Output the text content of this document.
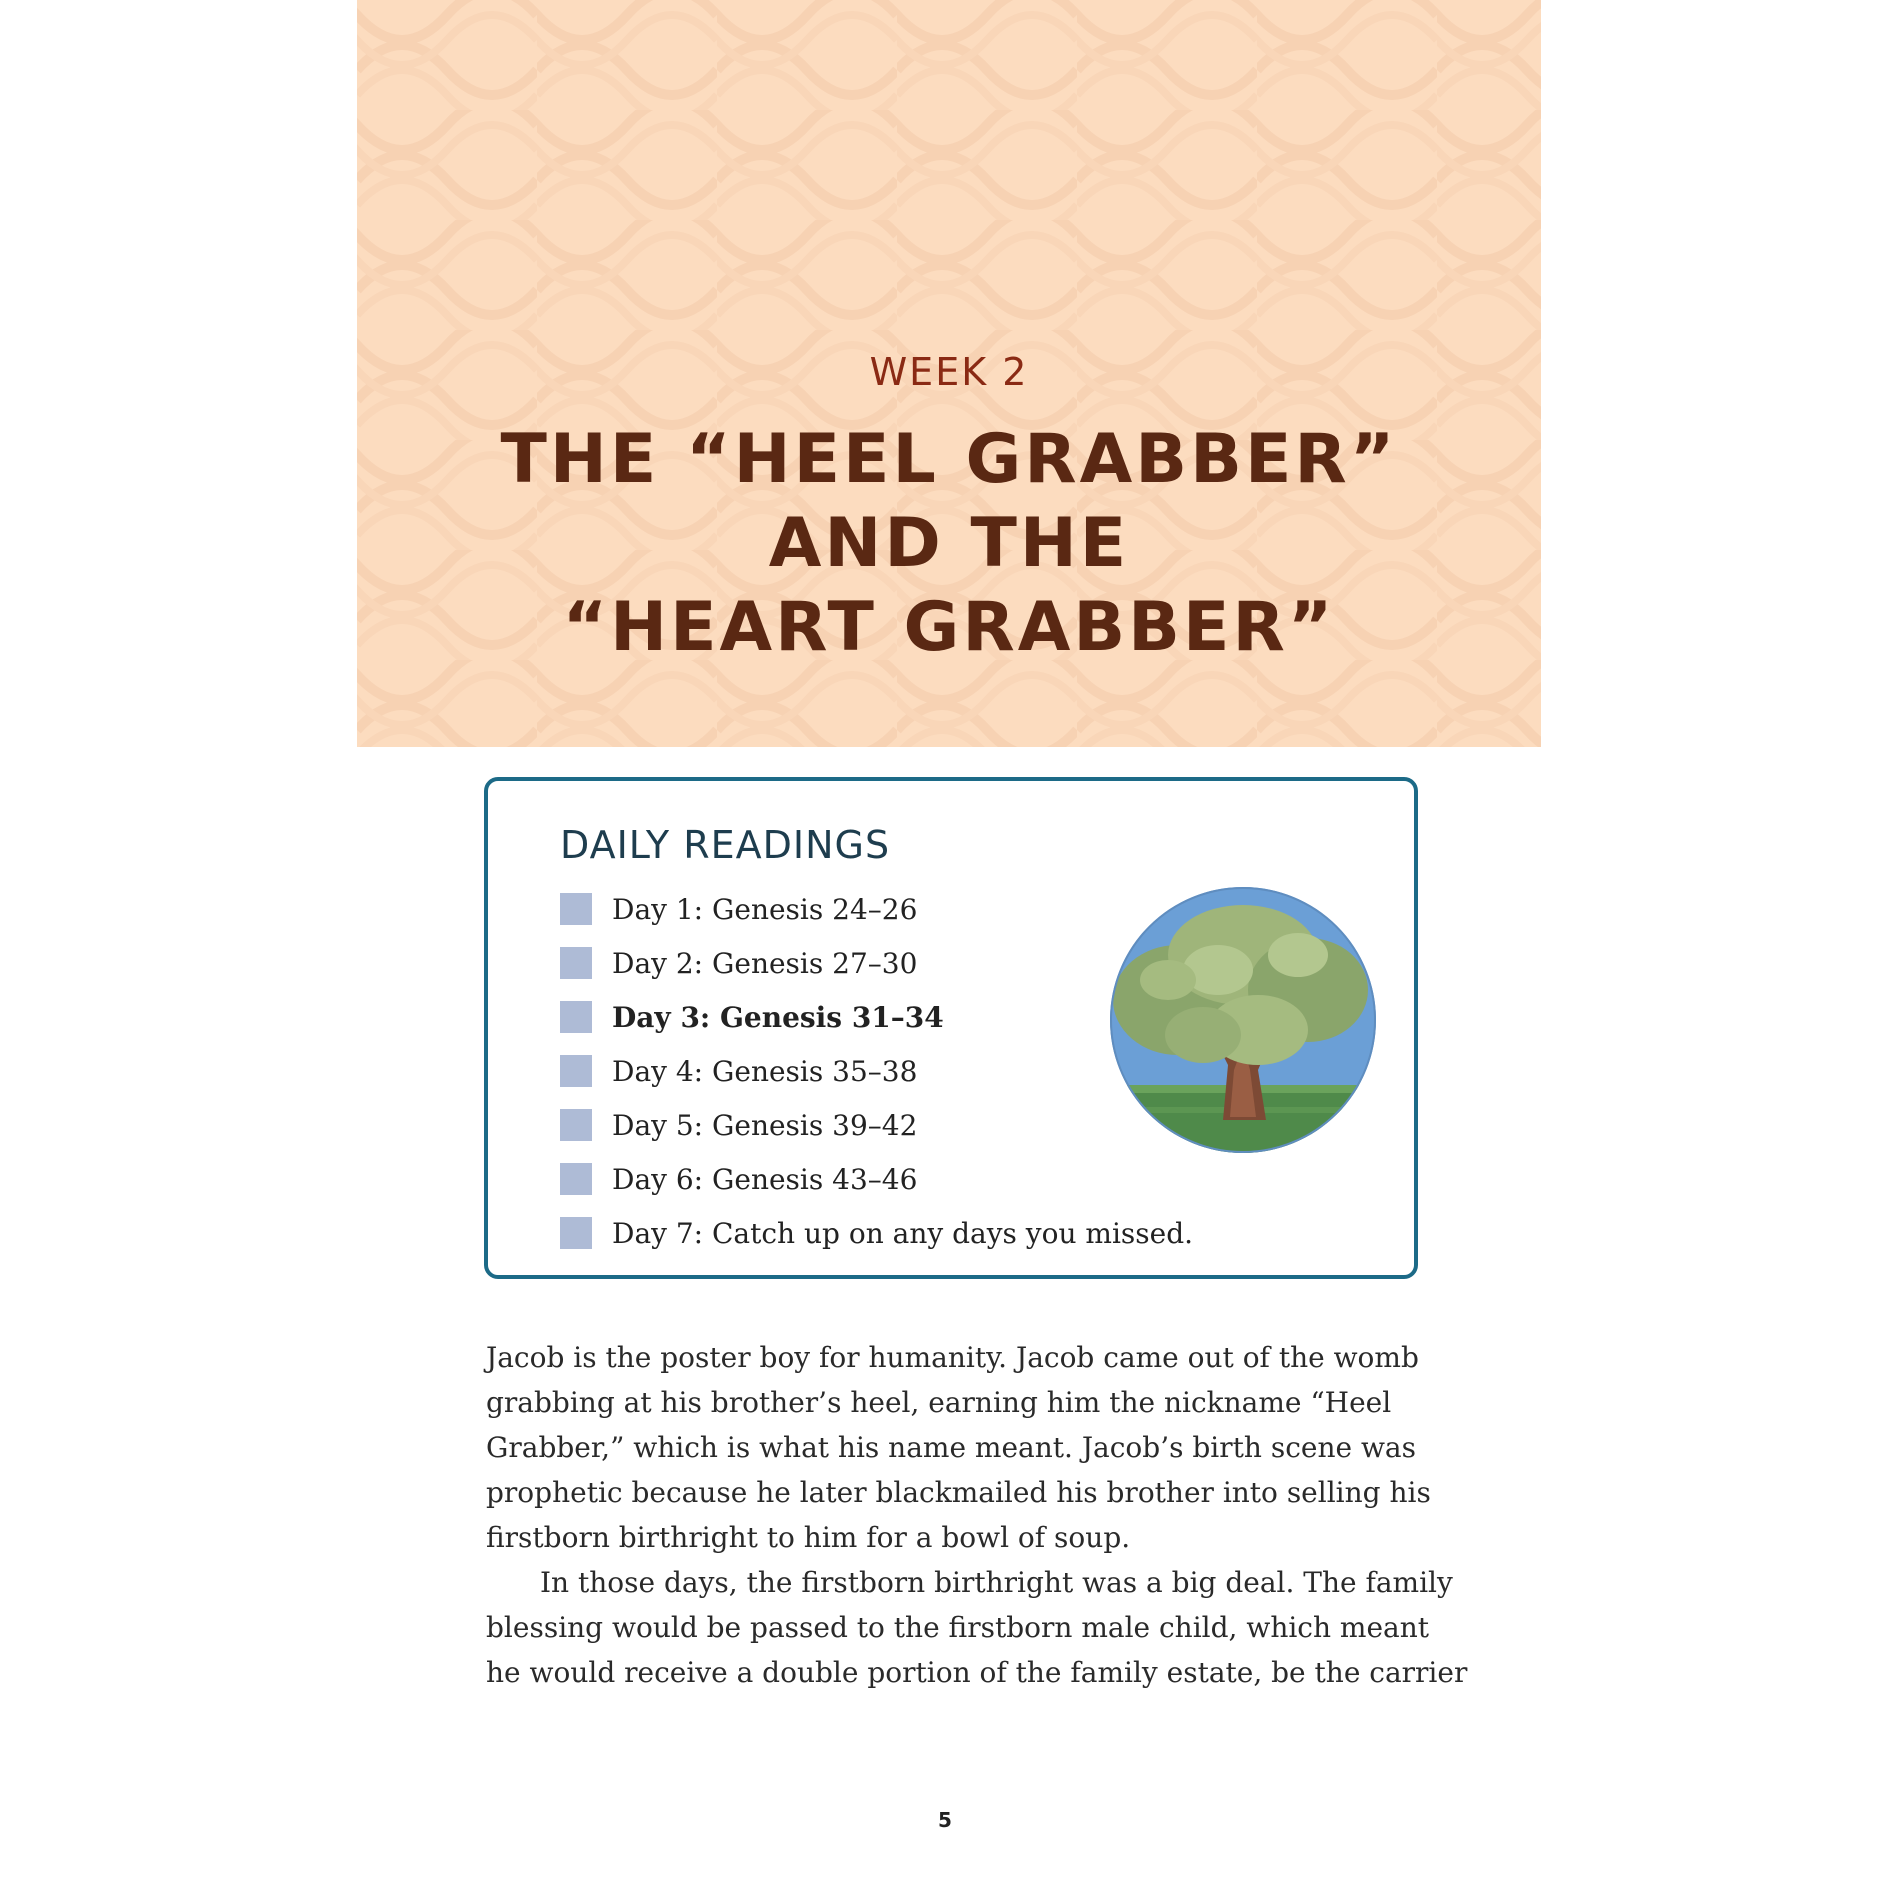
WEEK 2
THE “HEEL GRABBER”
AND THE
“HEART GRABBER”
DAILY READINGS
Day 1: Genesis 24–26
Day 2: Genesis 27–30
Day 3: Genesis 31–34
Day 4: Genesis 35–38
Day 5: Genesis 39–42
Day 6: Genesis 43–46
Day 7: Catch up on any days you missed.
Jacob is the poster boy for humanity. Jacob came out of the womb
grabbing at his brother’s heel, earning him the nickname “Heel
Grabber,” which is what his name meant. Jacob’s birth scene was
prophetic because he later blackmailed his brother into selling his
firstborn birthright to him for a bowl of soup.
In those days, the firstborn birthright was a big deal. The family
blessing would be passed to the firstborn male child, which meant
he would receive a double portion of the family estate, be the carrier
5
